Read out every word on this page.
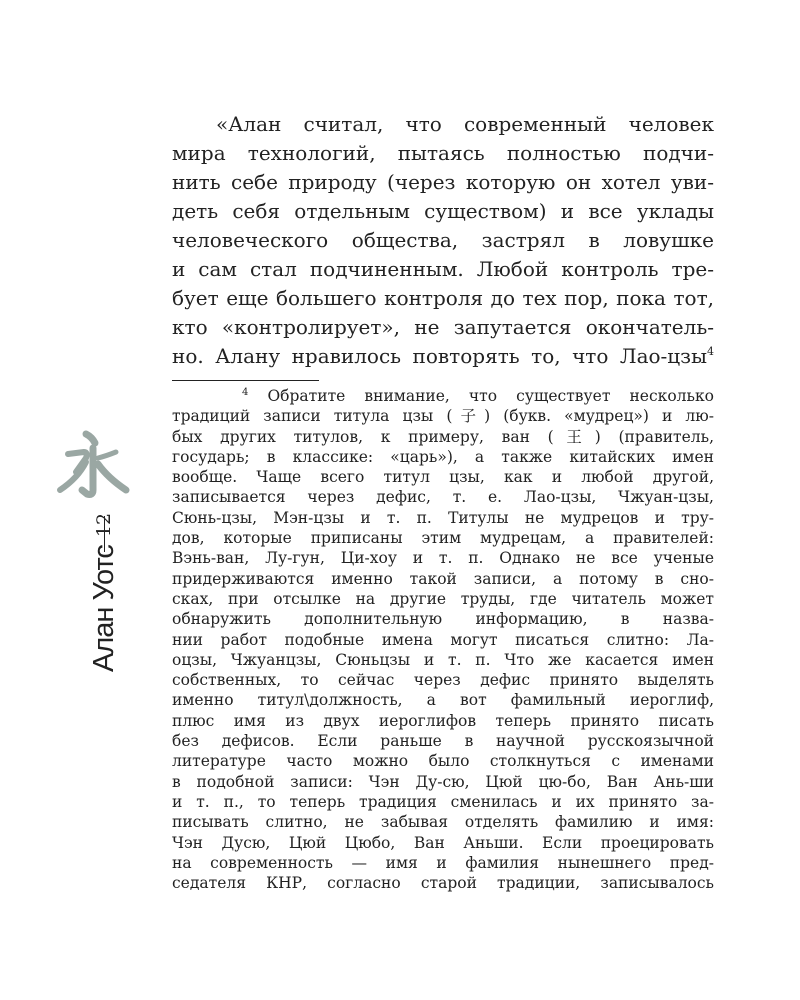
12
Алан Уотс
«Алан считал, что современный человек
мира технологий, пытаясь полностью подчи-
нить себе природу (через которую он хотел уви-
деть себя отдельным существом) и все уклады
человеческого общества, застрял в ловушке
и сам стал подчиненным. Любой контроль тре-
бует еще большего контроля до тех пор, пока тот,
кто «контролирует», не запутается окончатель-
но. Алану нравилось повторять то, что Лао-цзы$^4$
$^4$ Обратите внимание, что существует несколько
традиций записи титула цзы (子) (букв. «мудрец») и лю-
бых других титулов, к примеру, ван (王) (правитель,
государь; в классике: «царь»), а также китайских имен
вообще. Чаще всего титул цзы, как и любой другой,
записывается через дефис, т. е. Лао-цзы, Чжуан-цзы,
Сюнь-цзы, Мэн-цзы и т. п. Титулы не мудрецов и тру-
дов, которые приписаны этим мудрецам, а правителей:
Вэнь-ван, Лу-гун, Ци-хоу и т. п. Однако не все ученые
придерживаются именно такой записи, а потому в сно-
сках, при отсылке на другие труды, где читатель может
обнаружить дополнительную информацию, в назва-
нии работ подобные имена могут писаться слитно: Ла-
оцзы, Чжуанцзы, Сюньцзы и т. п. Что же касается имен
собственных, то сейчас через дефис принято выделять
именно титул\должность, а вот фамильный иероглиф,
плюс имя из двух иероглифов теперь принято писать
без дефисов. Если раньше в научной русскоязычной
литературе часто можно было столкнуться с именами
в подобной записи: Чэн Ду-сю, Цюй цю-бо, Ван Ань-ши
и т. п., то теперь традиция сменилась и их принято за-
писывать слитно, не забывая отделять фамилию и имя:
Чэн Дусю, Цюй Цюбо, Ван Аньши. Если проецировать
на современность — имя и фамилия нынешнего пред-
седателя КНР, согласно старой традиции, записывалось
